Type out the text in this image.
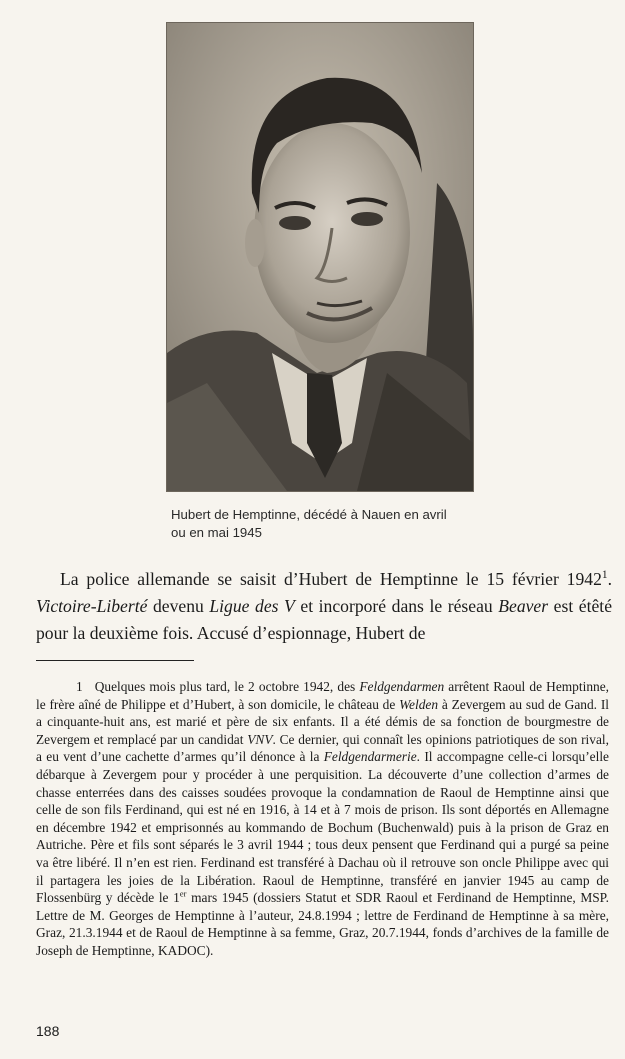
Hubert de Hemptinne, décédé à Nauen en avril
ou en mai 1945

La police allemande se saisit d’Hubert de Hemptinne le 15 février 1942$^1$. Victoire-Liberté devenu Ligue des V et incorporé dans le réseau Beaver est étêté pour la deuxième fois. Accusé d’espionnage, Hubert de

1 Quelques mois plus tard, le 2 octobre 1942, des Feldgendarmen arrêtent Raoul de Hemptinne, le frère aîné de Philippe et d’Hubert, à son domicile, le château de Welden à Zevergem au sud de Gand. Il a cinquante-huit ans, est marié et père de six enfants. Il a été démis de sa fonction de bourgmestre de Zevergem et remplacé par un candidat VNV. Ce dernier, qui connaît les opinions patriotiques de son rival, a eu vent d’une cachette d’armes qu’il dénonce à la Feldgendarmerie. Il accompagne celle-ci lorsqu’elle débarque à Zevergem pour y procéder à une perquisition. La découverte d’une collection d’armes de chasse enterrées dans des caisses soudées provoque la condamnation de Raoul de Hemptinne ainsi que celle de son fils Ferdinand, qui est né en 1916, à 14 et à 7 mois de prison. Ils sont déportés en Allemagne en décembre 1942 et emprisonnés au kommando de Bochum (Buchenwald) puis à la prison de Graz en Autriche. Père et fils sont séparés le 3 avril 1944 ; tous deux pensent que Ferdinand qui a purgé sa peine va être libéré. Il n’en est rien. Ferdinand est transféré à Dachau où il retrouve son oncle Philippe avec qui il partagera les joies de la Libération. Raoul de Hemptinne, transféré en janvier 1945 au camp de Flossenbürg y décède le 1er mars 1945 (dossiers Statut et SDR Raoul et Ferdinand de Hemptinne, MSP. Lettre de M. Georges de Hemptinne à l’auteur, 24.8.1994 ; lettre de Ferdinand de Hemptinne à sa mère, Graz, 21.3.1944 et de Raoul de Hemptinne à sa femme, Graz, 20.7.1944, fonds d’archives de la famille de Joseph de Hemptinne, KADOC).

188
